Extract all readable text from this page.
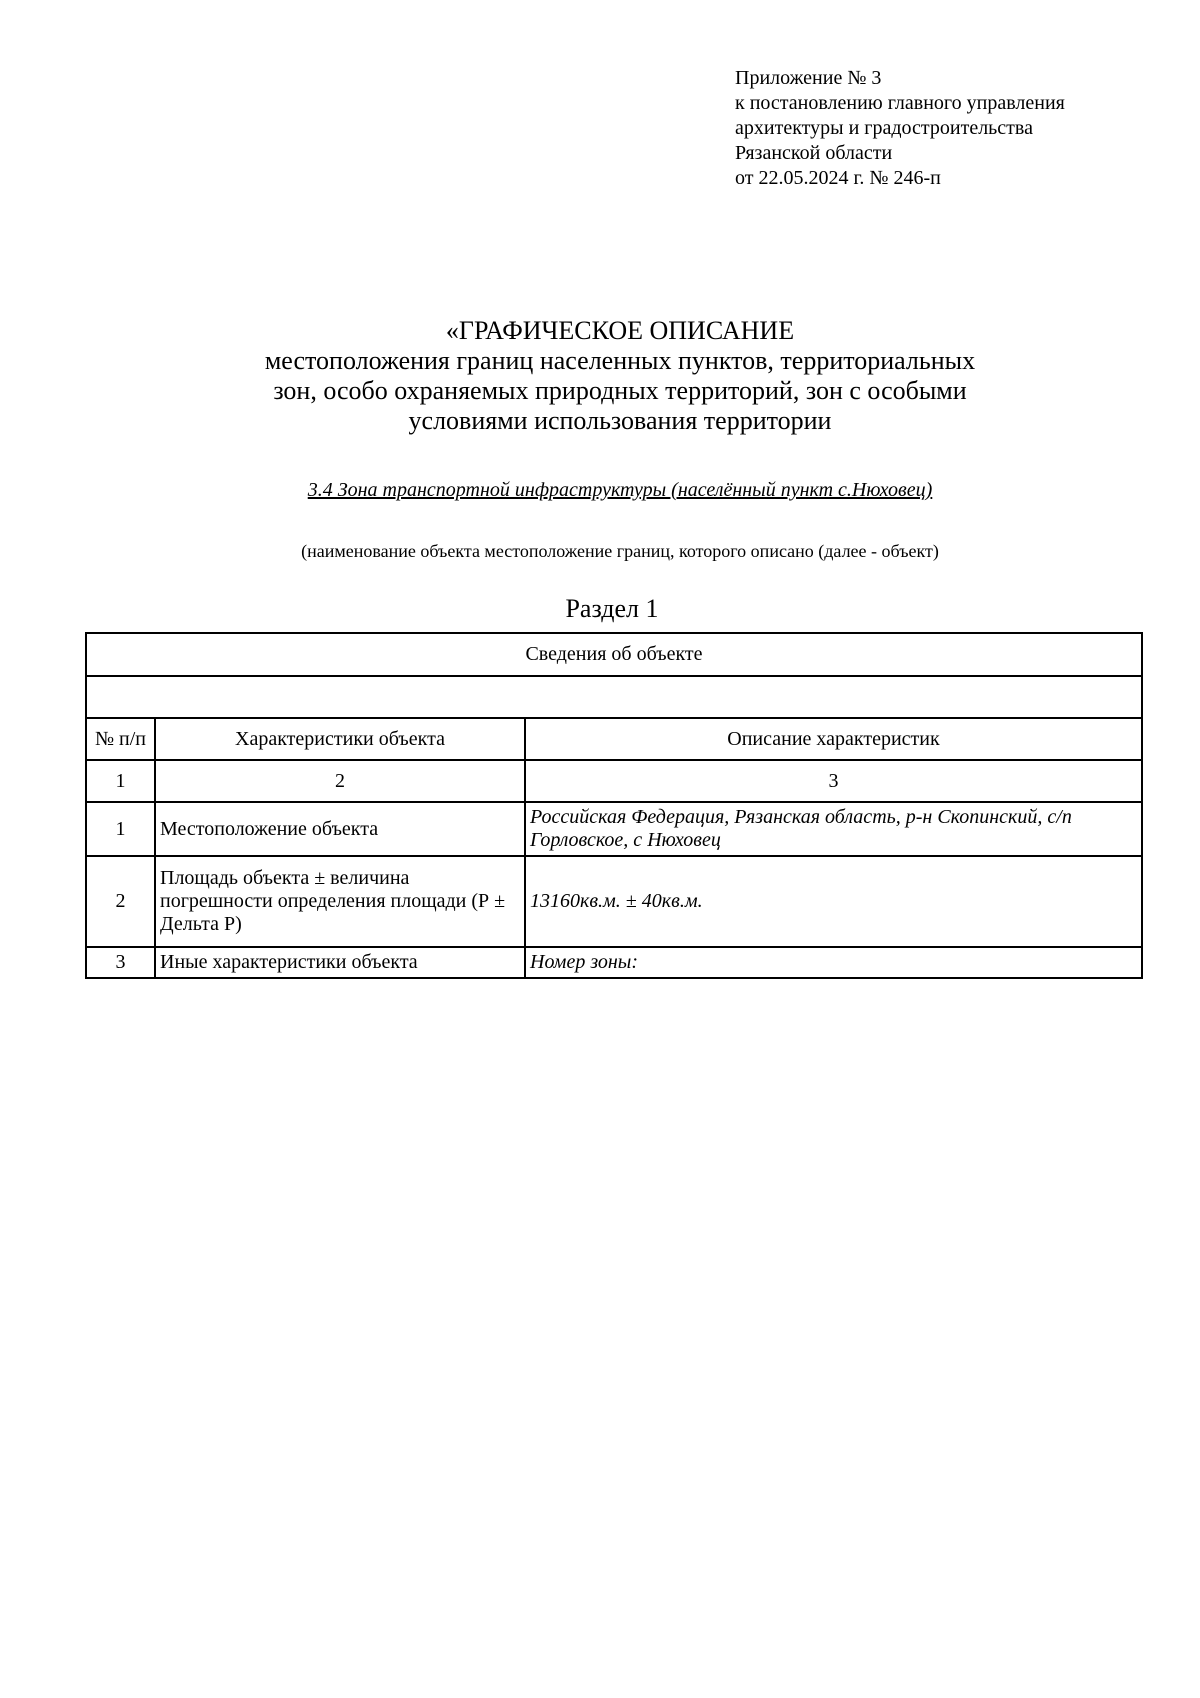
Приложение № 3
к постановлению главного управления
архитектуры и градостроительства
Рязанской области
от 22.05.2024 г. № 246-п
«ГРАФИЧЕСКОЕ ОПИСАНИЕ
местоположения границ населенных пунктов, территориальных
зон, особо охраняемых природных территорий, зон с особыми
условиями использования территории
3.4 Зона транспортной инфраструктуры (населённый пункт с.Нюховец)
(наименование объекта местоположение границ, которого описано (далее - объект)
Раздел 1
Сведения об объекте		

№ п/п	Характеристики объекта	Описание характеристик
1	2	3
1	Местоположение объекта	Российская Федерация, Рязанская область, р-н Скопинский, с/п Горловское, с Нюховец
2	Площадь объекта ± величина погрешности определения площади (Р ± Дельта Р)	13160кв.м. ± 40кв.м.
3	Иные характеристики объекта	Номер зоны:
